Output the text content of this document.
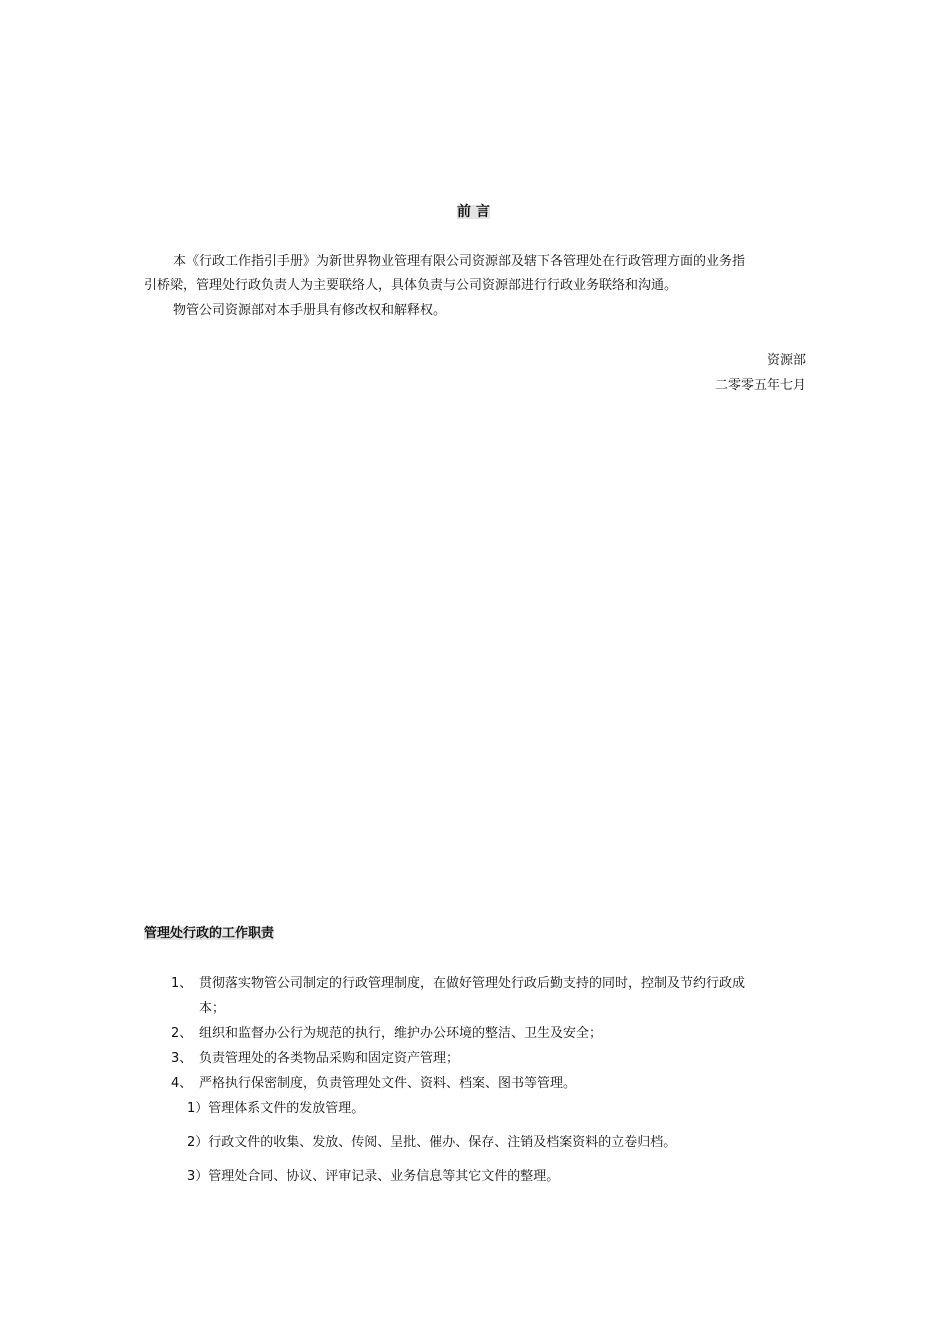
前 言
本《行政工作指引手册》为新世界物业管理有限公司资源部及辖下各管理处在行政管理方面的业务指
引桥梁，管理处行政负责人为主要联络人，具体负责与公司资源部进行行政业务联络和沟通。
物管公司资源部对本手册具有修改权和解释权。
资源部
二零零五年七月
管理处行政的工作职责
1、 贯彻落实物管公司制定的行政管理制度，在做好管理处行政后勤支持的同时，控制及节约行政成
本；
2、 组织和监督办公行为规范的执行，维护办公环境的整洁、卫生及安全；
3、 负责管理处的各类物品采购和固定资产管理；
4、 严格执行保密制度，负责管理处文件、资料、档案、图书等管理。
1）管理体系文件的发放管理。
2）行政文件的收集、发放、传阅、呈批、催办、保存、注销及档案资料的立卷归档。
3）管理处合同、协议、评审记录、业务信息等其它文件的整理。
